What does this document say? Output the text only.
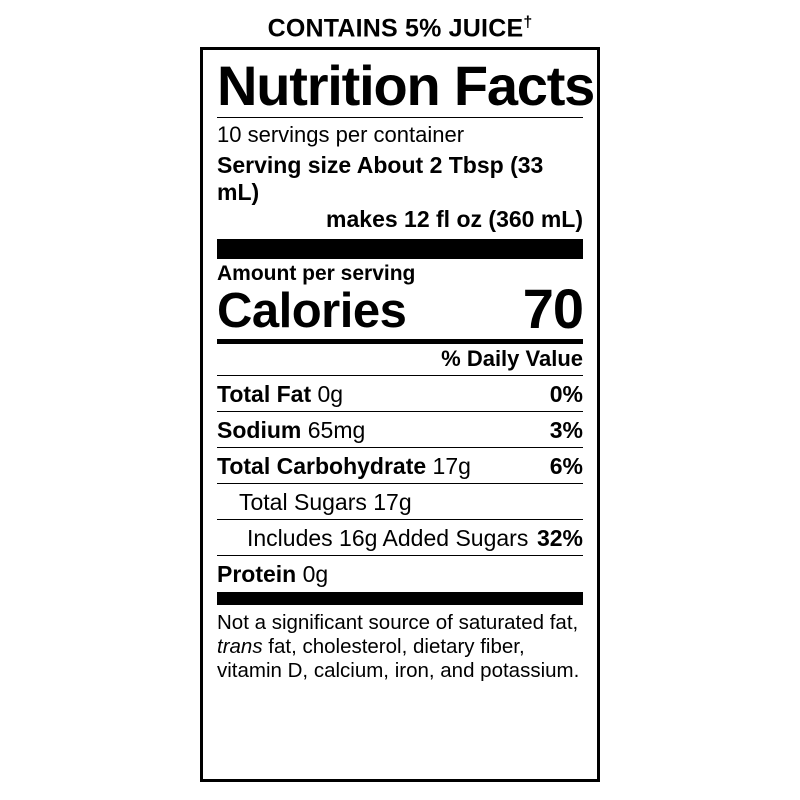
CONTAINS 5% JUICE†
Nutrition Facts
10 servings per container
Serving size About 2 Tbsp (33 mL)
makes 12 fl oz (360 mL)
Amount per serving
Calories 70
% Daily Value
Total Fat 0g	0%
Sodium 65mg	3%
Total Carbohydrate 17g	6%
Total Sugars 17g
Includes 16g Added Sugars 32%
Protein 0g
Not a significant source of saturated fat,
trans fat, cholesterol, dietary fiber,
vitamin D, calcium, iron, and potassium.
